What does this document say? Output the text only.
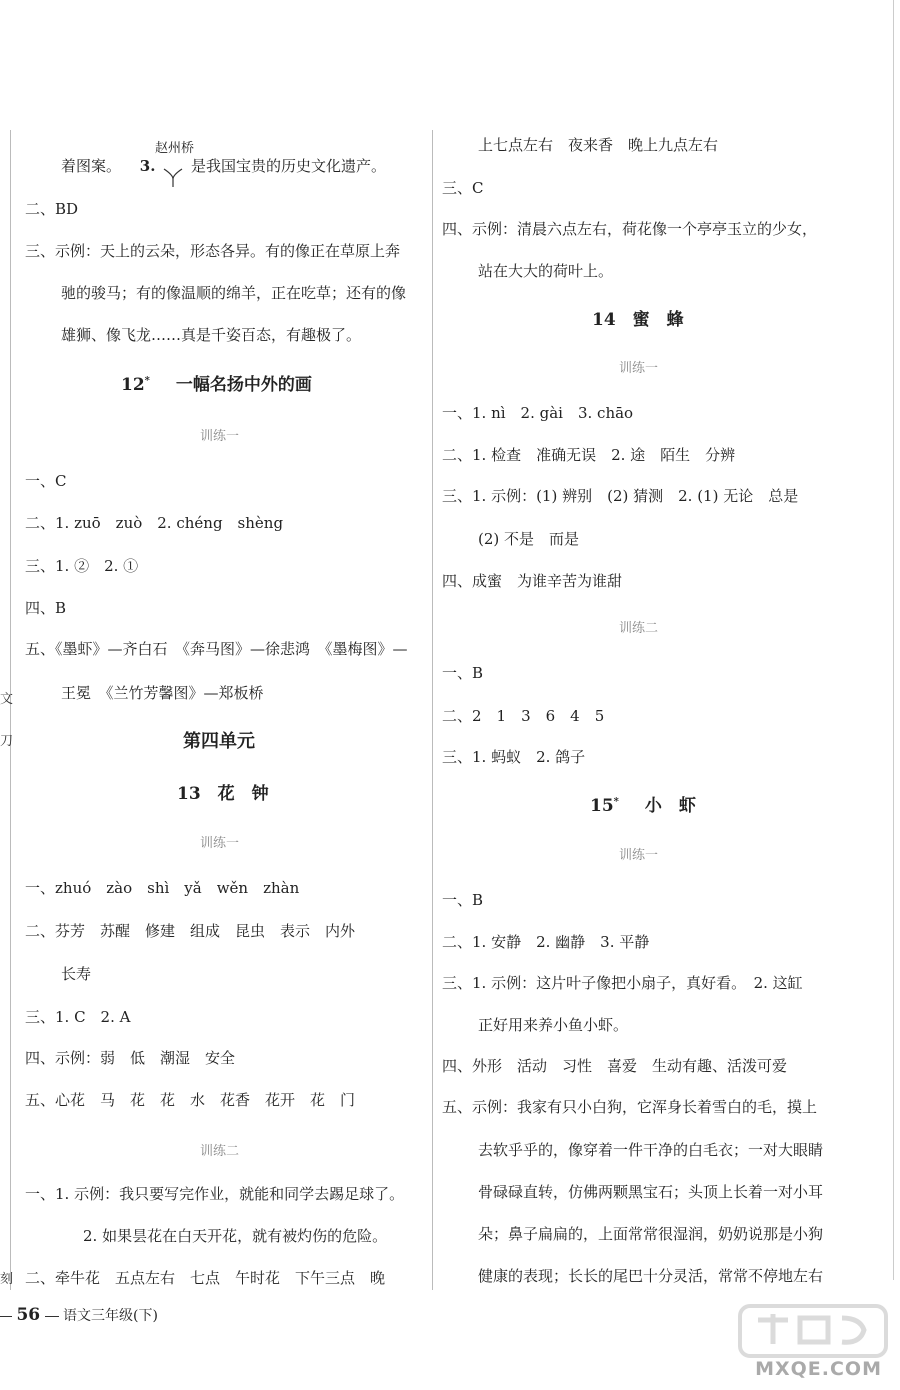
文
刀
刻
着图案。 3. 是我国宝贵的历史文化遗产。
赵州桥
二、BD
三、示例：天上的云朵，形态各异。有的像正在草原上奔
驰的骏马；有的像温顺的绵羊，正在吃草；还有的像
雄狮、像飞龙……真是千姿百态，有趣极了。
12* 一幅名扬中外的画
训练一
一、C
二、1. zuō　zuò　2. chéng　shèng
三、1. ②　2. ①
四、B
五、《墨虾》—齐白石　《奔马图》—徐悲鸿　《墨梅图》—
王冕　《兰竹芳馨图》—郑板桥
第四单元
13　花　钟
训练一
一、zhuó　zào　shì　yǎ　wěn　zhàn
二、芬芳　苏醒　修建　组成　昆虫　表示　内外
长寿
三、1. C　2. A
四、示例：弱　低　潮湿　安全
五、心花　马　花　花　水　花香　花开　花　门
训练二
一、1. 示例：我只要写完作业，就能和同学去踢足球了。
2. 如果昙花在白天开花，就有被灼伤的危险。
二、牵牛花　五点左右　七点　午时花　下午三点　晚
上七点左右　夜来香　晚上九点左右
三、C
四、示例：清晨六点左右，荷花像一个亭亭玉立的少女，
站在大大的荷叶上。
14　蜜　蜂
训练一
一、1. nì　2. gài　3. chāo
二、1. 检查　准确无误　2. 途　陌生　分辨
三、1. 示例：(1) 辨别　(2) 猜测　2. (1) 无论　总是
(2) 不是　而是
四、成蜜　为谁辛苦为谁甜
训练二
一、B
二、2　1　3　6　4　5
三、1. 蚂蚁　2. 鸽子
15* 小　虾
训练一
一、B
二、1. 安静　2. 幽静　3. 平静
三、1. 示例：这片叶子像把小扇子，真好看。　2. 这缸
正好用来养小鱼小虾。
四、外形　活动　习性　喜爱　生动有趣、活泼可爱
五、示例：我家有只小白狗，它浑身长着雪白的毛，摸上
去软乎乎的，像穿着一件干净的白毛衣；一对大眼睛
骨碌碌直转，仿佛两颗黑宝石；头顶上长着一对小耳
朵；鼻子扁扁的，上面常常很湿润，奶奶说那是小狗
健康的表现；长长的尾巴十分灵活，常常不停地左右
56 语文三年级(下)
MXQE.COM
